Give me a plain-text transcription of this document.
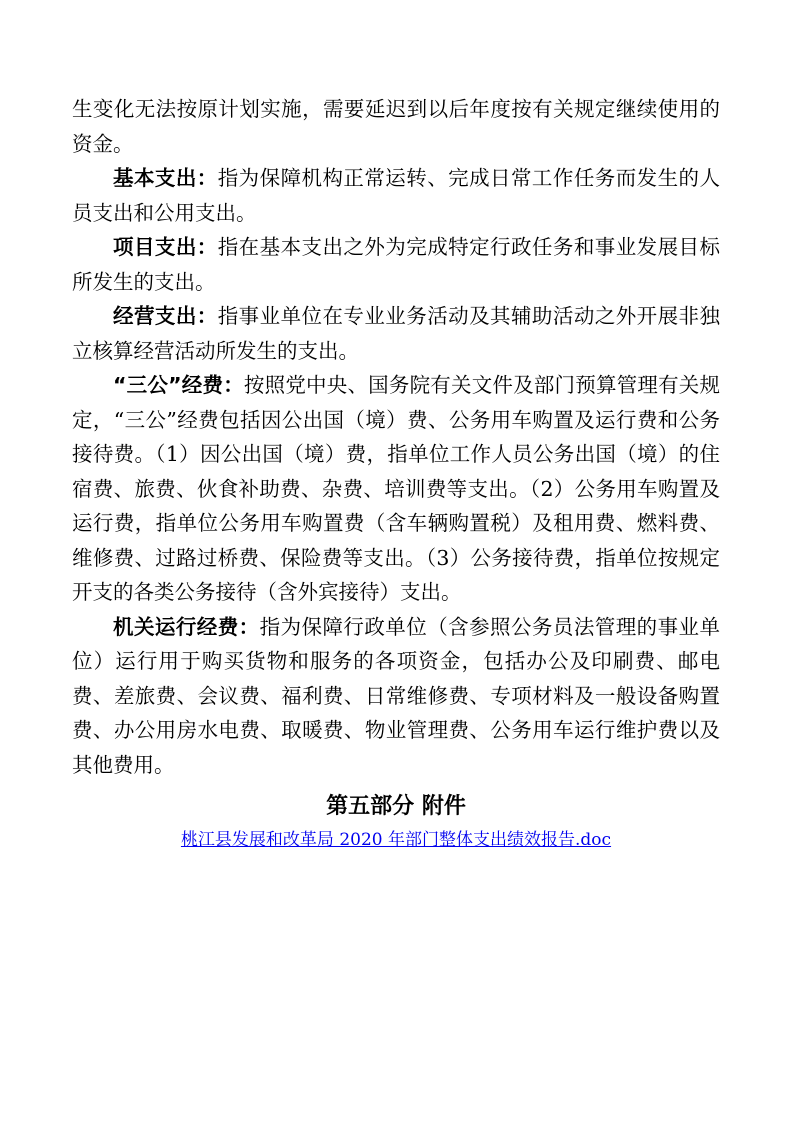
生变化无法按原计划实施，需要延迟到以后年度按有关规定继续使用的资金。

基本支出：指为保障机构正常运转、完成日常工作任务而发生的人员支出和公用支出。

项目支出：指在基本支出之外为完成特定行政任务和事业发展目标所发生的支出。

经营支出：指事业单位在专业业务活动及其辅助活动之外开展非独立核算经营活动所发生的支出。

“三公”经费：按照党中央、国务院有关文件及部门预算管理有关规定，“三公”经费包括因公出国（境）费、公务用车购置及运行费和公务接待费。（1）因公出国（境）费，指单位工作人员公务出国（境）的住宿费、旅费、伙食补助费、杂费、培训费等支出。（2）公务用车购置及运行费，指单位公务用车购置费（含车辆购置税）及租用费、燃料费、维修费、过路过桥费、保险费等支出。（3）公务接待费，指单位按规定开支的各类公务接待（含外宾接待）支出。

机关运行经费：指为保障行政单位（含参照公务员法管理的事业单位）运行用于购买货物和服务的各项资金，包括办公及印刷费、邮电费、差旅费、会议费、福利费、日常维修费、专项材料及一般设备购置费、办公用房水电费、取暖费、物业管理费、公务用车运行维护费以及其他费用。

第五部分 附件
桃江县发展和改革局 2020 年部门整体支出绩效报告.doc
